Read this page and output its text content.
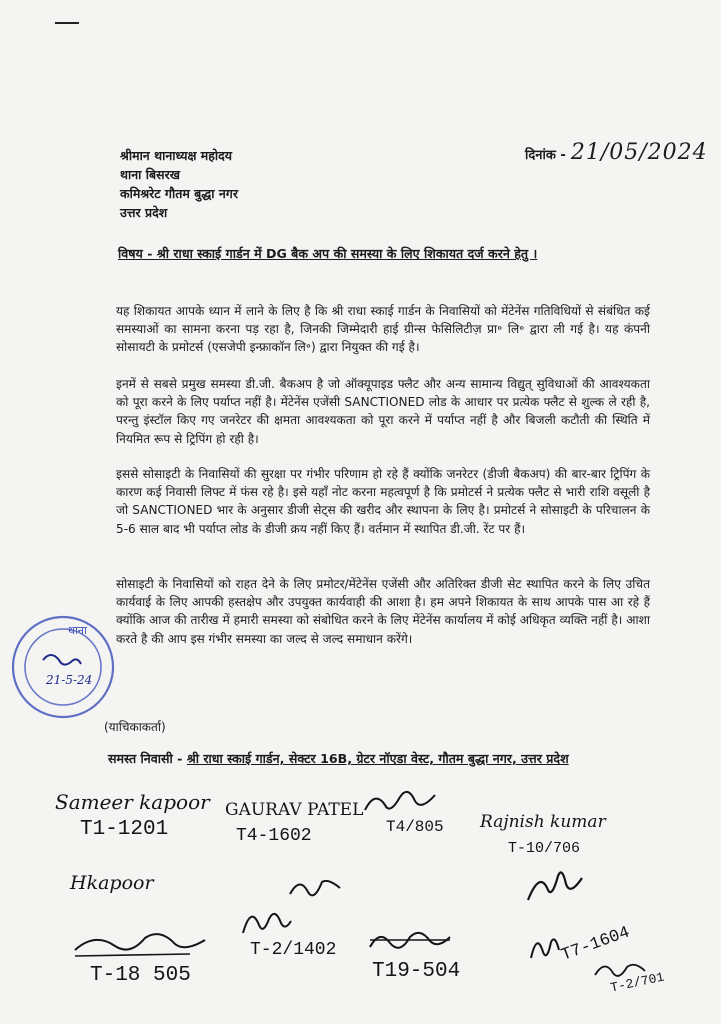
श्रीमान थानाध्यक्ष महोदय
थाना बिसरख
कमिश्ररेट गौतम बुद्धा नगर
उत्तर प्रदेश
दिनांक - 21/05/2024
विषय - श्री राधा स्काई गार्डन में DG बैक अप की समस्या के लिए शिकायत दर्ज करने हेतु ।
यह शिकायत आपके ध्यान में लाने के लिए है कि श्री राधा स्काई गार्डन के निवासियों को मेंटेनेंस गतिविधियों से संबंधित कई समस्याओं का सामना करना पड़ रहा है, जिनकी जिम्मेदारी हाई ग्रीन्स फेसिलिटीज़ प्रा॰ लि॰ द्वारा ली गई है। यह कंपनी सोसायटी के प्रमोटर्स (एसजेपी इन्फ्राकॉन लि॰) द्वारा नियुक्त की गई है।
इनमें से सबसे प्रमुख समस्या डी.जी. बैकअप है जो ऑक्यूपाइड फ्लैट और अन्य सामान्य विद्युत् सुविधाओं की आवश्यकता को पूरा करने के लिए पर्याप्त नहीं है। मेंटेनेंस एजेंसी SANCTIONED लोड के आधार पर प्रत्येक फ्लैट से शुल्क ले रही है, परन्तु इंस्टॉल किए गए जनरेटर की क्षमता आवश्यकता को पूरा करने में पर्याप्त नहीं है और बिजली कटौती की स्थिति में नियमित रूप से ट्रिपिंग हो रही है।
इससे सोसाइटी के निवासियों की सुरक्षा पर गंभीर परिणाम हो रहे हैं क्योंकि जनरेटर (डीजी बैकअप) की बार-बार ट्रिपिंग के कारण कई निवासी लिफ्ट में फंस रहे है। इसे यहाँ नोट करना महत्वपूर्ण है कि प्रमोटर्स ने प्रत्येक फ्लैट से भारी राशि वसूली है जो SANCTIONED भार के अनुसार डीजी सेट्स की खरीद और स्थापना के लिए है। प्रमोटर्स ने सोसाइटी के परिचालन के 5-6 साल बाद भी पर्याप्त लोड के डीजी क्रय नहीं किए हैं। वर्तमान में स्थापित डी.जी. रेंट पर हैं।
सोसाइटी के निवासियों को राहत देने के लिए प्रमोटर/मेंटेनेंस एजेंसी और अतिरिक्त डीजी सेट स्थापित करने के लिए उचित कार्यवाई के लिए आपकी हस्तक्षेप और उपयुक्त कार्यवाही की आशा है। हम अपने शिकायत के साथ आपके पास आ रहे हैं क्योंकि आज की तारीख में हमारी समस्या को संबोधित करने के लिए मेंटेनेंस कार्यालय में कोई अधिकृत व्यक्ति नहीं है। आशा करते है की आप इस गंभीर समस्या का जल्द से जल्द समाधान करेंगे।
थाना
21-5-24
(याचिकाकर्ता)
समस्त निवासी - श्री राधा स्काई गार्डन, सेक्टर 16B, ग्रेटर नॉएडा वेस्ट, गौतम बुद्धा नगर, उत्तर प्रदेश
Sameer kapoor
T1-1201
GAURAV PATEL
T4-1602	T4/805 Rajnish kumar
T-10/706
Hkapoor
T-18 505
T-2/1402
T19-504
T7-1604
T-2/701
